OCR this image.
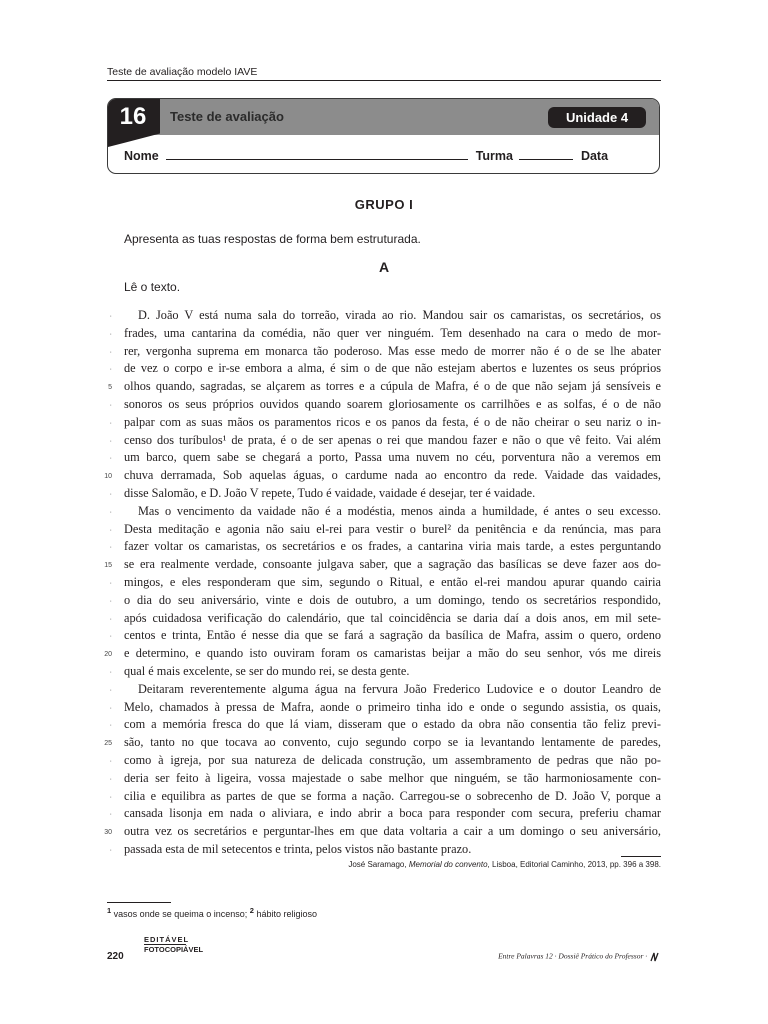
Teste de avaliação modelo IAVE
16	Teste de avaliação	Unidade 4
Nome	Turma	Data
GRUPO I
Apresenta as tuas respostas de forma bem estruturada.
A
Lê o texto.
·	D. João V está numa sala do torreão, virada ao rio. Mandou sair os camaristas, os secretários, os
· frades, uma cantarina da comédia, não quer ver ninguém. Tem desenhado na cara o medo de mor-
· rer, vergonha suprema em monarca tão poderoso. Mas esse medo de morrer não é o de se lhe abater
· de vez o corpo e ir-se embora a alma, é sim o de que não estejam abertos e luzentes os seus próprios
5 olhos quando, sagradas, se alçarem as torres e a cúpula de Mafra, é o de que não sejam já sensíveis e
· sonoros os seus próprios ouvidos quando soarem gloriosamente os carrilhões e as solfas, é o de não
· palpar com as suas mãos os paramentos ricos e os panos da festa, é o de não cheirar o seu nariz o in-
· censo dos turíbulos¹ de prata, é o de ser apenas o rei que mandou fazer e não o que vê feito. Vai além
· um barco, quem sabe se chegará a porto, Passa uma nuvem no céu, porventura não a veremos em
10 chuva derramada, Sob aquelas águas, o cardume nada ao encontro da rede. Vaidade das vaidades,
· disse Salomão, e D. João V repete, Tudo é vaidade, vaidade é desejar, ter é vaidade.
·	Mas o vencimento da vaidade não é a modéstia, menos ainda a humildade, é antes o seu excesso.
· Desta meditação e agonia não saiu el-rei para vestir o burel² da penitência e da renúncia, mas para
· fazer voltar os camaristas, os secretários e os frades, a cantarina viria mais tarde, a estes perguntando
15 se era realmente verdade, consoante julgava saber, que a sagração das basílicas se deve fazer aos do-
· mingos, e eles responderam que sim, segundo o Ritual, e então el-rei mandou apurar quando cairia
· o dia do seu aniversário, vinte e dois de outubro, a um domingo, tendo os secretários respondido,
· após cuidadosa verificação do calendário, que tal coincidência se daria daí a dois anos, em mil sete-
· centos e trinta, Então é nesse dia que se fará a sagração da basílica de Mafra, assim o quero, ordeno
20 e determino, e quando isto ouviram foram os camaristas beijar a mão do seu senhor, vós me direis
· qual é mais excelente, se ser do mundo rei, se desta gente.
·	Deitaram reverentemente alguma água na fervura João Frederico Ludovice e o doutor Leandro de
· Melo, chamados à pressa de Mafra, aonde o primeiro tinha ido e onde o segundo assistia, os quais,
· com a memória fresca do que lá viam, disseram que o estado da obra não consentia tão feliz previ-
25 são, tanto no que tocava ao convento, cujo segundo corpo se ia levantando lentamente de paredes,
· como à igreja, por sua natureza de delicada construção, um assembramento de pedras que não po-
· deria ser feito à ligeira, vossa majestade o sabe melhor que ninguém, se tão harmoniosamente con-
· cilia e equilibra as partes de que se forma a nação. Carregou-se o sobrecenho de D. João V, porque a
· cansada lisonja em nada o aliviara, e indo abrir a boca para responder com secura, preferiu chamar
30 outra vez os secretários e perguntar-lhes em que data voltaria a cair a um domingo o seu aniversário,
· passada esta de mil setecentos e trinta, pelos vistos não bastante prazo.
José Saramago, Memorial do convento, Lisboa, Editorial Caminho, 2013, pp. 396 a 398.
$^1$ vasos onde se queima o incenso; $^2$ hábito religioso
220
EDITÁVEL
FOTOCOPIÁVEL
Entre Palavras 12 · Dossiê Prático do Professor ·
